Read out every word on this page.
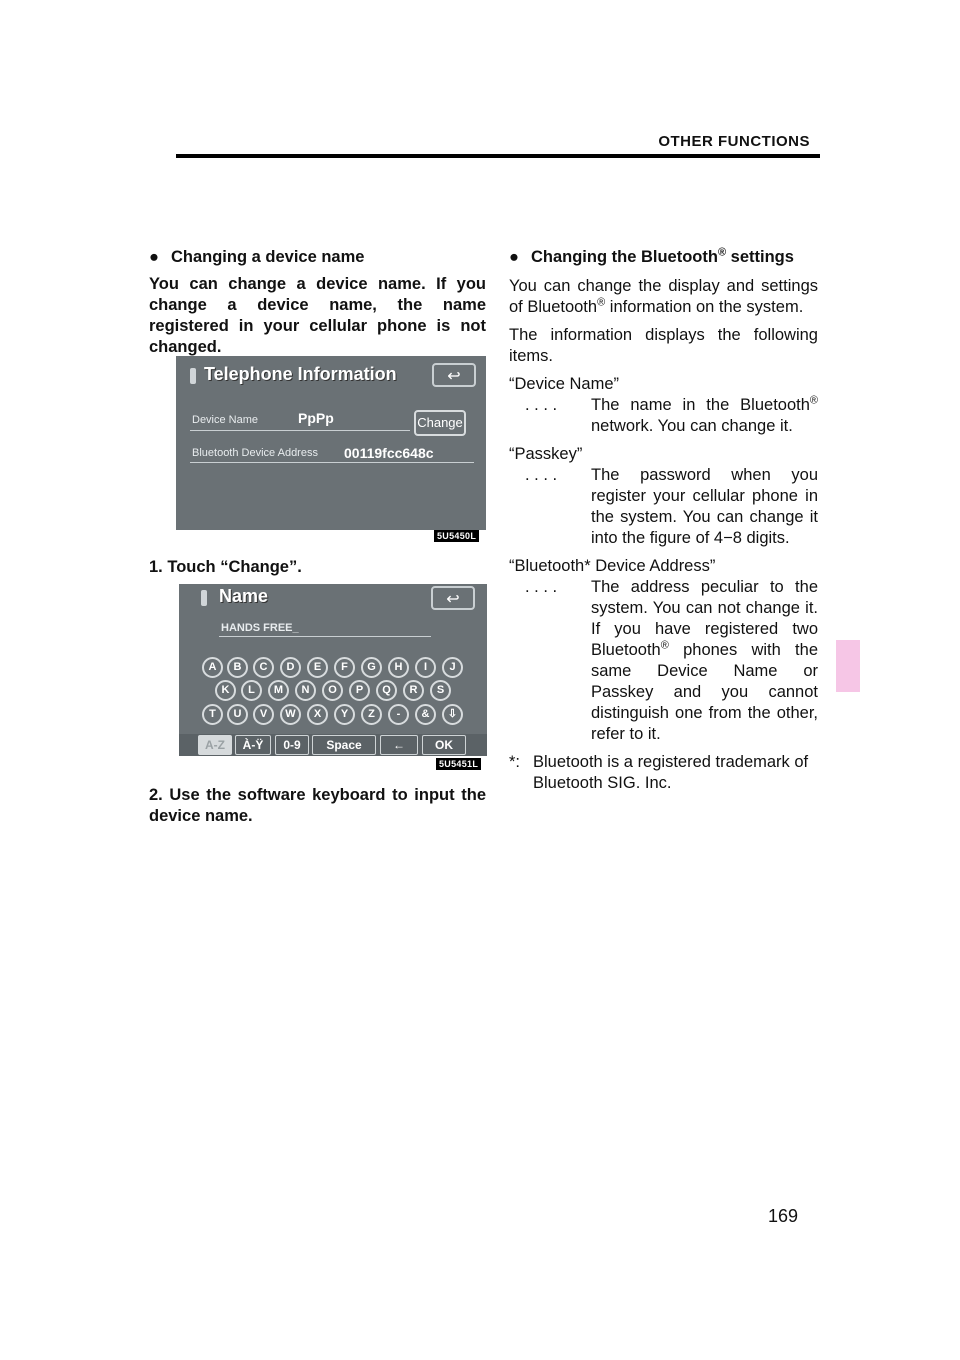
OTHER FUNCTIONS
● Changing a device name
You can change a device name. If you change a device name, the name registered in your cellular phone is not changed.
Telephone Information	↩
Device Name	PpPp	Change
Bluetooth Device Address 00119fcc648c
5U5450L
1. Touch “Change”.
Name	↩
HANDS FREE_
A	B	C	D	E	F	G	H	I	J
K	L	M	N	O	P	Q	R	S
T	U	V	W	X	Y	Z	-	&	⇩
A-Z	À-Ÿ	0-9	Space	←	OK
5U5451L
2. Use the software keyboard to input the device name.
● Changing the Bluetooth® settings
You can change the display and settings of Bluetooth® information on the system.
The information displays the following items.
“Device Name”
. . . . The name in the Bluetooth® network. You can change it.
“Passkey”
. . . . The password when you register your cellular phone in the system. You can change it into the figure of 4−8 digits.
“Bluetooth* Device Address”
. . . . The address peculiar to the system. You can not change it. If you have registered two Bluetooth® phones with the same Device Name or Passkey and you cannot distinguish one from the other, refer to it.
*: Bluetooth is a registered trademark of Bluetooth SIG. Inc.
169
